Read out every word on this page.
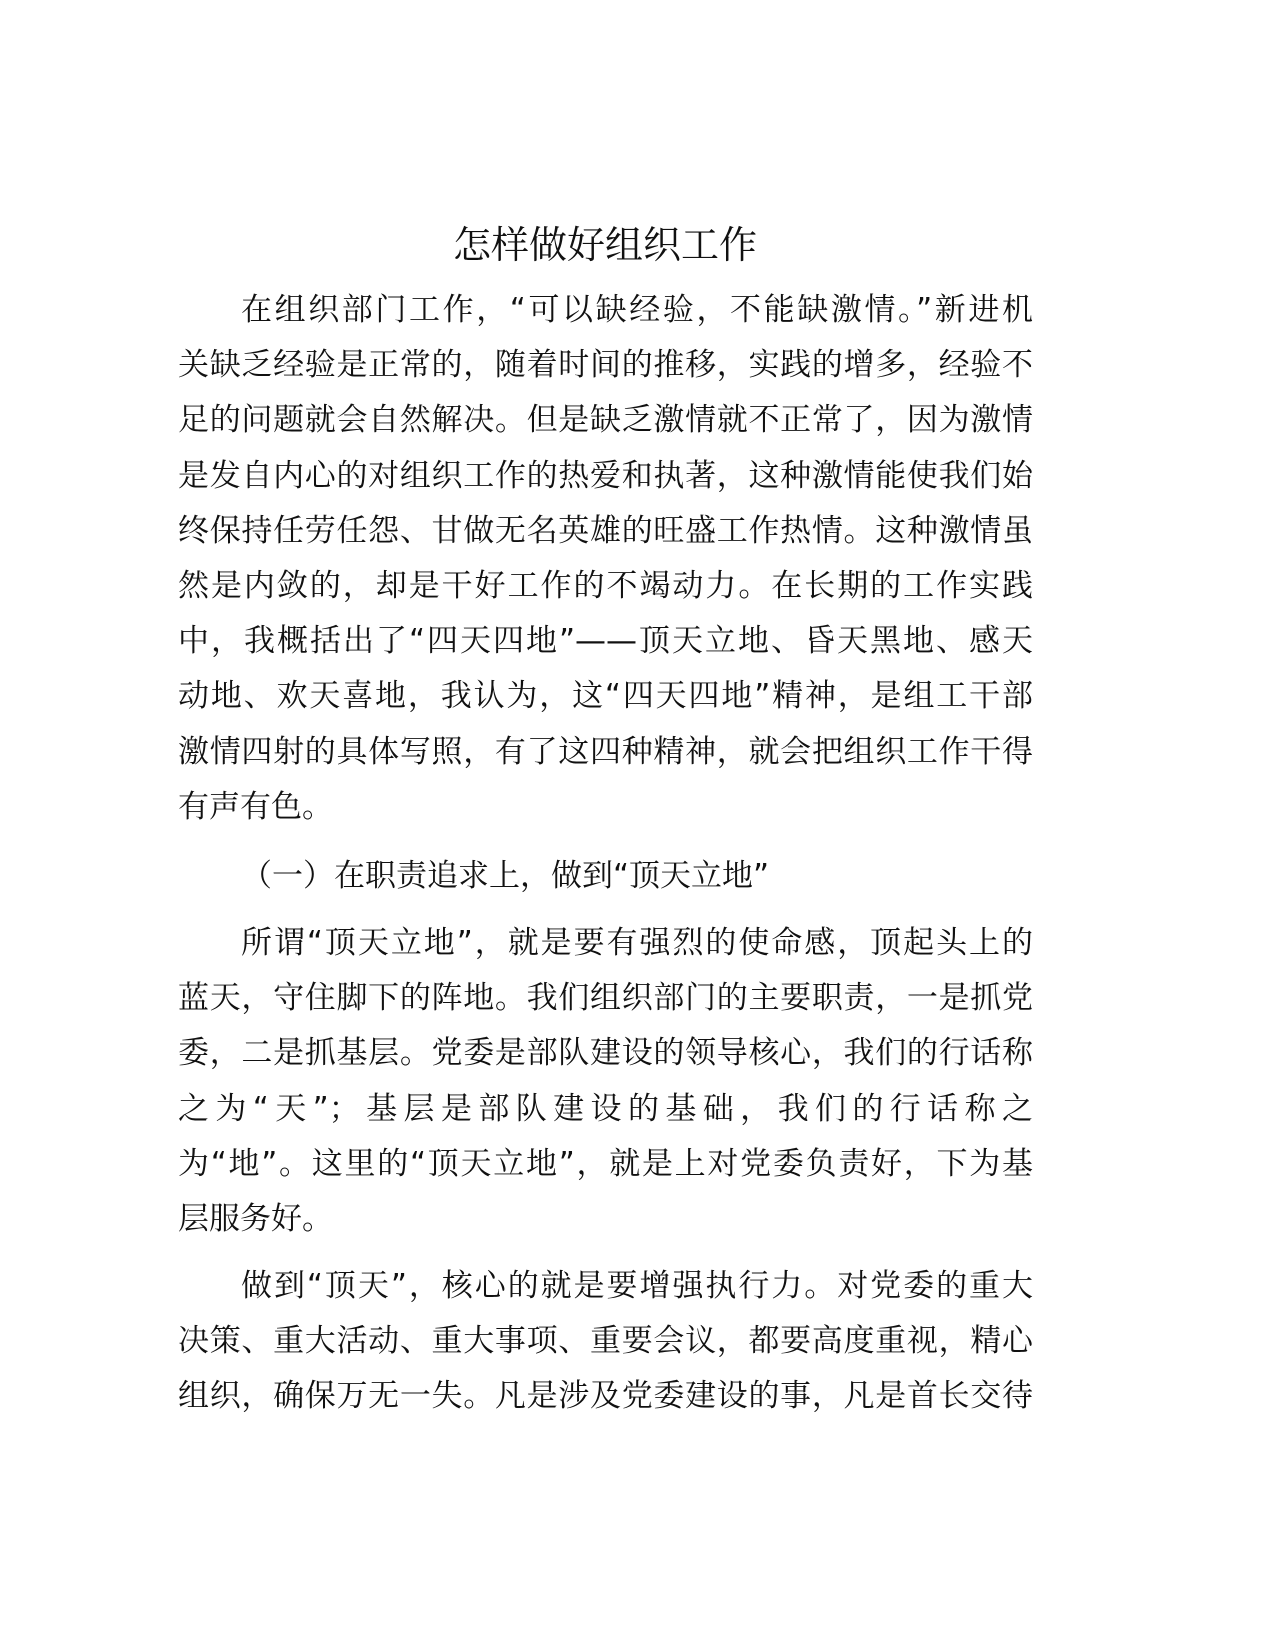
怎样做好组织工作
在组织部门工作，“可以缺经验，不能缺激情。”新进机
关缺乏经验是正常的，随着时间的推移，实践的增多，经验不
足的问题就会自然解决。但是缺乏激情就不正常了，因为激情
是发自内心的对组织工作的热爱和执著，这种激情能使我们始
终保持任劳任怨、甘做无名英雄的旺盛工作热情。这种激情虽
然是内敛的，却是干好工作的不竭动力。在长期的工作实践
中，我概括出了“四天四地”——顶天立地、昏天黑地、感天
动地、欢天喜地，我认为，这“四天四地”精神，是组工干部
激情四射的具体写照，有了这四种精神，就会把组织工作干得
有声有色。
（一）在职责追求上，做到“顶天立地”
所谓“顶天立地”，就是要有强烈的使命感，顶起头上的
蓝天，守住脚下的阵地。我们组织部门的主要职责，一是抓党
委，二是抓基层。党委是部队建设的领导核心，我们的行话称
之为“天”；基层是部队建设的基础，我们的行话称之
为“地”。这里的“顶天立地”，就是上对党委负责好，下为基
层服务好。
做到“顶天”，核心的就是要增强执行力。对党委的重大
决策、重大活动、重大事项、重要会议，都要高度重视，精心
组织，确保万无一失。凡是涉及党委建设的事，凡是首长交待
